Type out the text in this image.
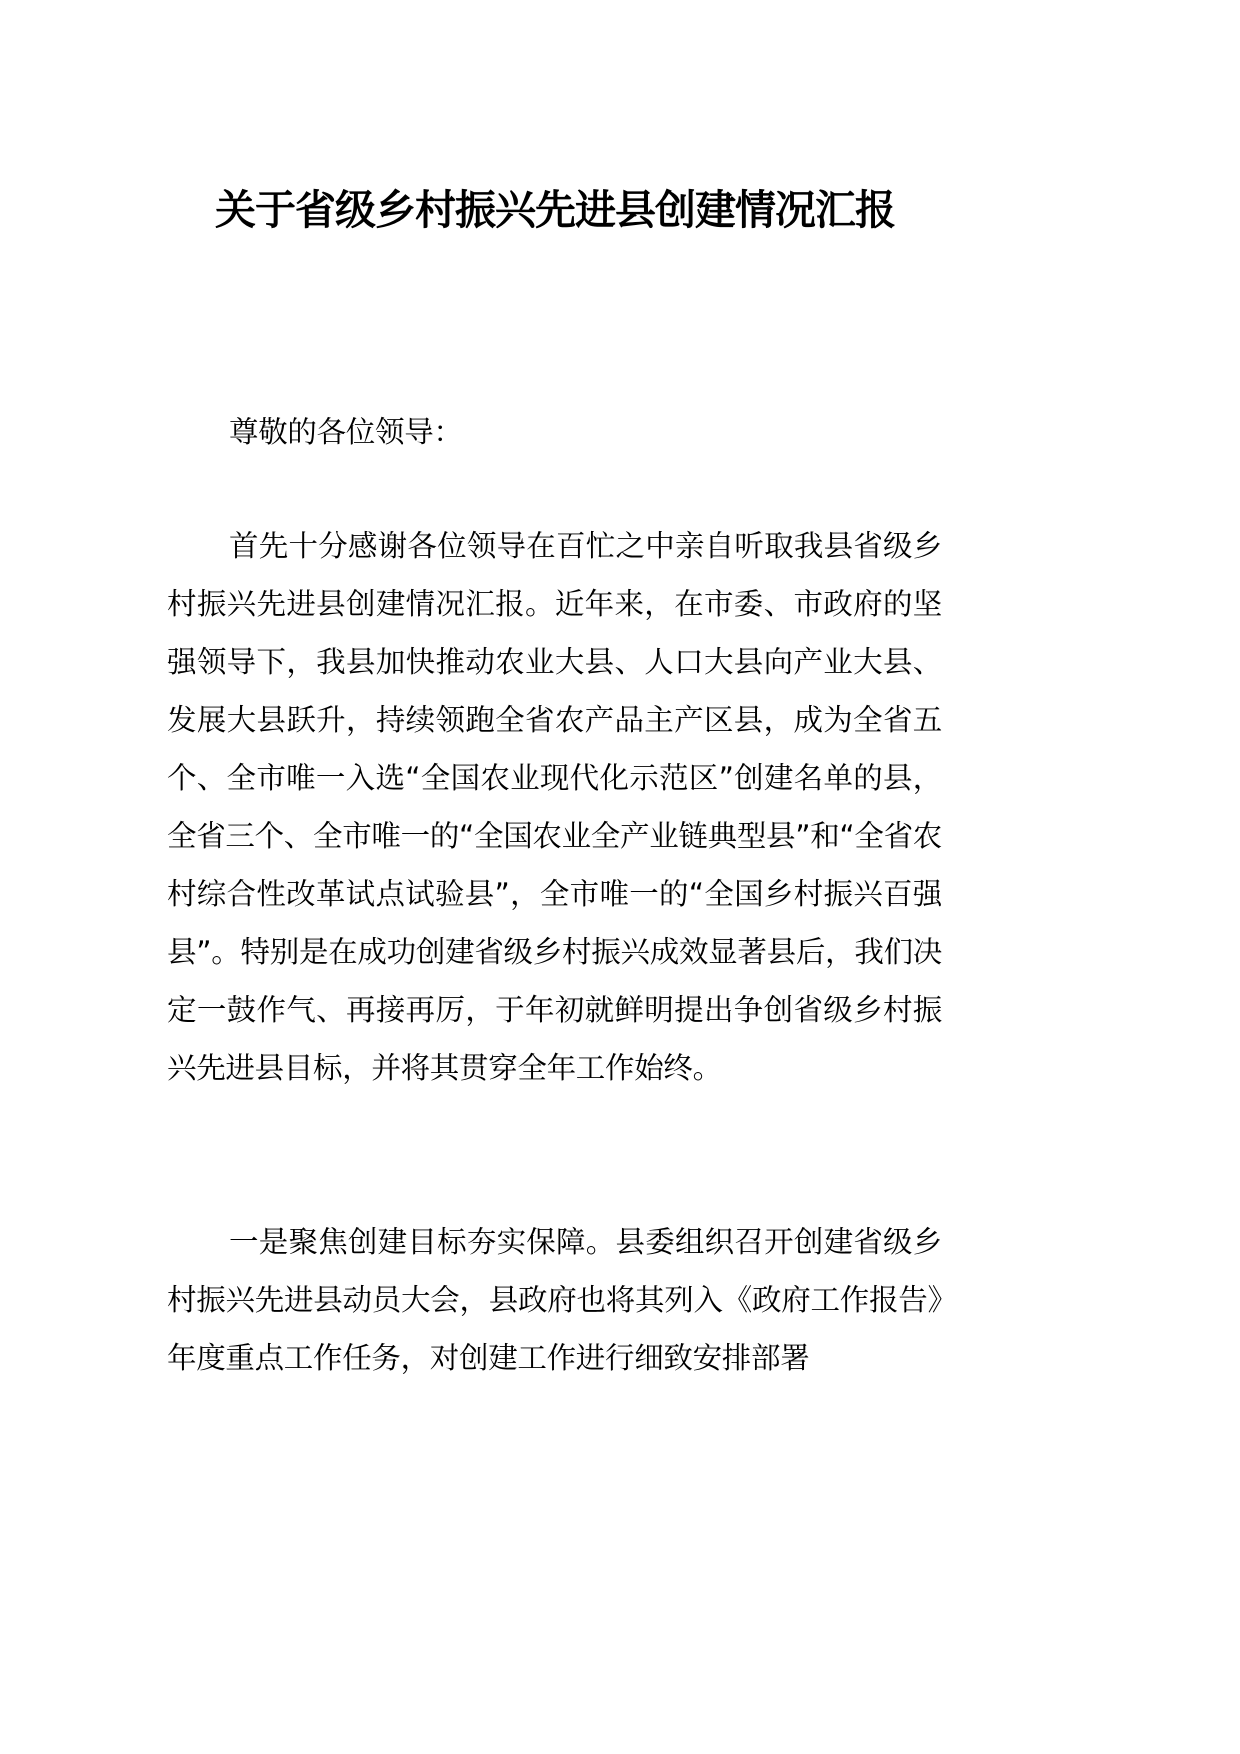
关于省级乡村振兴先进县创建情况汇报

尊敬的各位领导：

首先十分感谢各位领导在百忙之中亲自听取我县省级乡村振兴先进县创建情况汇报。近年来，在市委、市政府的坚强领导下，我县加快推动农业大县、人口大县向产业大县、发展大县跃升，持续领跑全省农产品主产区县，成为全省五个、全市唯一入选“全国农业现代化示范区”创建名单的县，全省三个、全市唯一的“全国农业全产业链典型县”和“全省农村综合性改革试点试验县”，全市唯一的“全国乡村振兴百强县”。特别是在成功创建省级乡村振兴成效显著县后，我们决定一鼓作气、再接再厉，于年初就鲜明提出争创省级乡村振兴先进县目标，并将其贯穿全年工作始终。

一是聚焦创建目标夯实保障。县委组织召开创建省级乡村振兴先进县动员大会，县政府也将其列入《政府工作报告》年度重点工作任务，对创建工作进行细致安排部署
